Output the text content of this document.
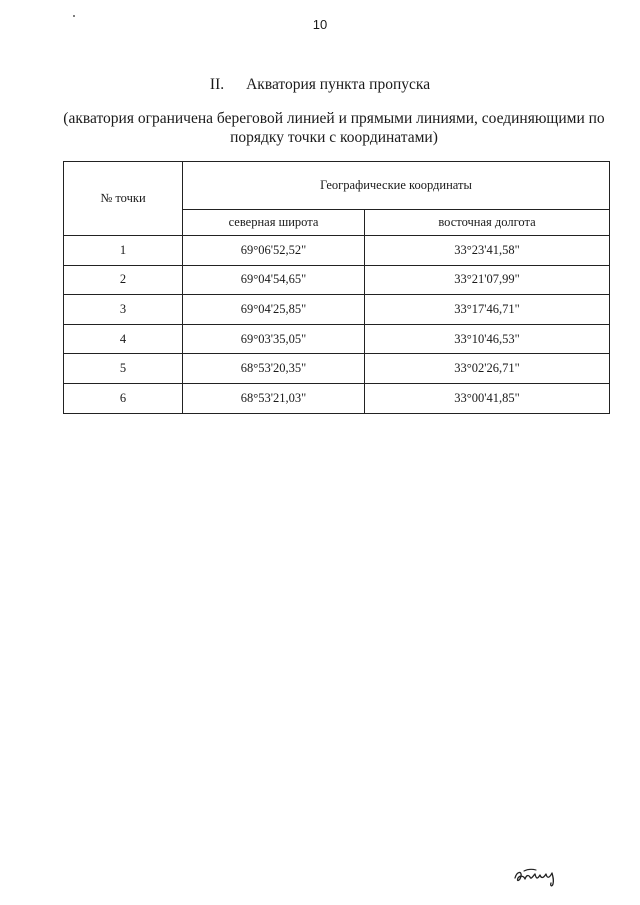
10
II. Акватория пункта пропуска
(акватория ограничена береговой линией и прямыми линиями, соединяющими по порядку точки с координатами)
№ точки	Географические координаты	
	северная широта	восточная долгота
1	69°06'52,52"	33°23'41,58"
2	69°04'54,65"	33°21'07,99"
3	69°04'25,85"	33°17'46,71"
4	69°03'35,05"	33°10'46,53"
5	68°53'20,35"	33°02'26,71"
6	68°53'21,03"	33°00'41,85"
